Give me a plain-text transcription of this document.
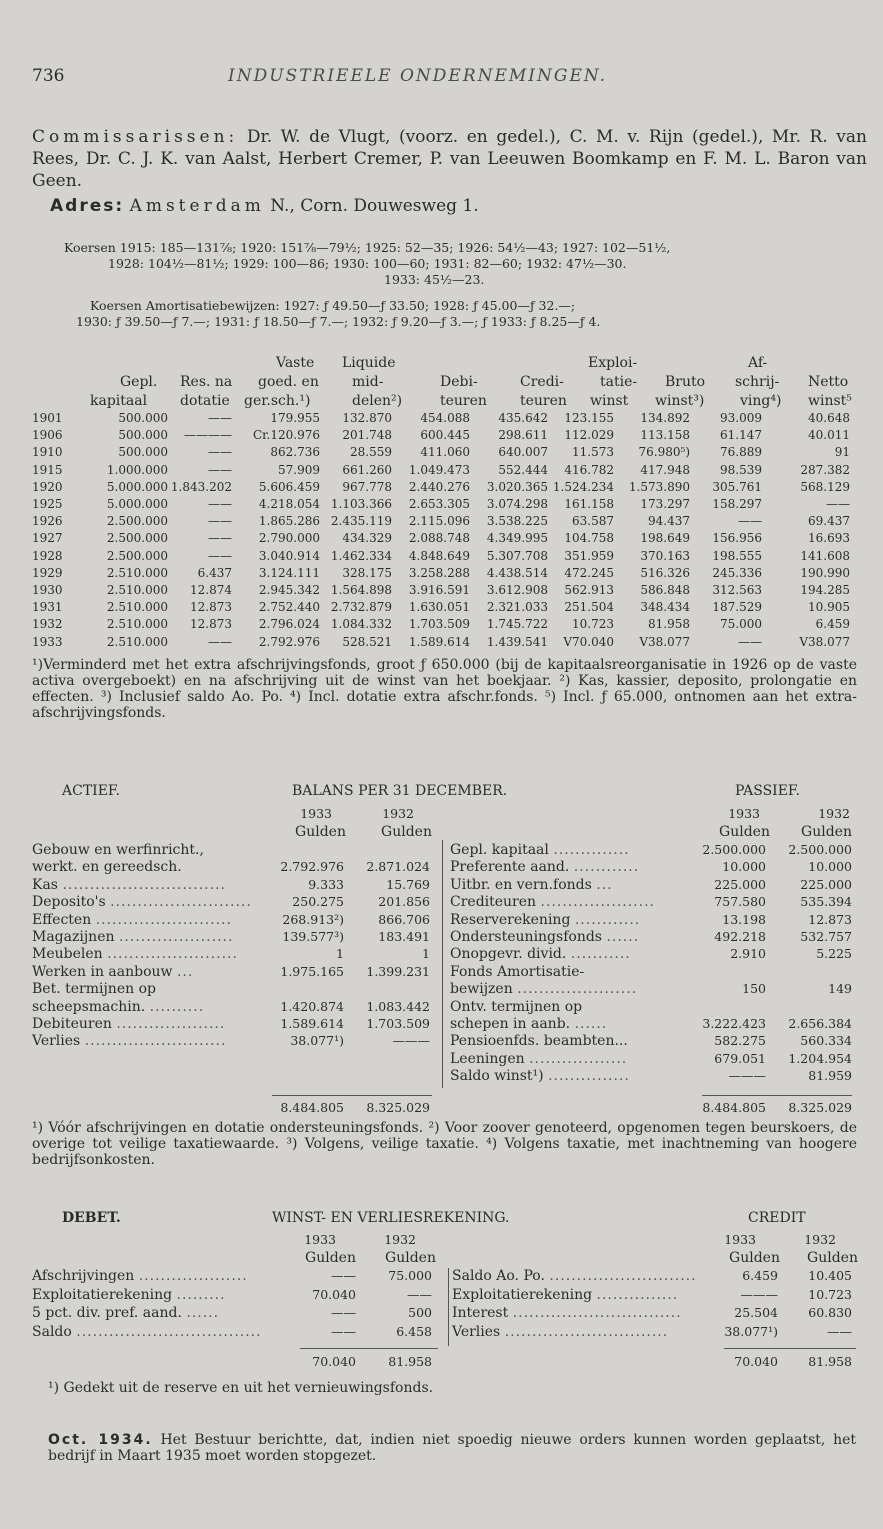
736	INDUSTRIEELE ONDERNEMINGEN.
Commissarissen: Dr. W. de Vlugt, (voorz. en gedel.), C. M. v. Rijn (gedel.), Mr. R. van Rees, Dr. C. J. K. van Aalst, Herbert Cremer, P. van Leeuwen Boomkamp en F. M. L. Baron van Geen.
Adres: Amsterdam N., Corn. Douwesweg 1.
Koersen 1915: 185—131⅞; 1920: 151⅞—79½; 1925: 52—35; 1926: 54½—43; 1927: 102—51½,
1928: 104½—81½; 1929: 100—86; 1930: 100—60; 1931: 82—60; 1932: 47½—30.
1933: 45½—23.
Koersen Amortisatiebewijzen: 1927: ƒ 49.50—ƒ 33.50; 1928: ƒ 45.00—ƒ 32.—;
1930: ƒ 39.50—ƒ 7.—; 1931: ƒ 18.50—ƒ 7.—; 1932: ƒ 9.20—ƒ 3.—; ƒ 1933: ƒ 8.25—ƒ 4.
Vaste Liquide	Exploi-	Af-
Gepl. Res. na goed. en mid-	Debi-	Credi-	tatie- Bruto schrij- Netto
kapitaal dotatie ger.sch.¹)	delen²)	teuren teuren winst winst³)	ving⁴) winst⁵
1901	500.000	——	179.955 132.870 454.088 435.642 123.155 134.892	93.009	40.648
1906	500.000 ———— Cr.120.976 201.748 600.445 298.611 112.029 113.158	61.147	40.011
1910	500.000	——	862.736	28.559 411.060 640.007 11.573 76.980⁵)	76.889	91
1915	1.000.000	——	57.909 661.260 1.049.473 552.444 416.782 417.948	98.539	287.382
1920	5.000.000 1.843.202 5.606.459 967.778 2.440.276 3.020.365 1.524.234 1.573.890 305.761	568.129
1925	5.000.000	—— 4.218.054 1.103.366 2.653.305 3.074.298 161.158 173.297 158.297	——
1926	2.500.000	—— 1.865.286 2.435.119 2.115.096 3.538.225 63.587	94.437	——	69.437
1927	2.500.000	—— 2.790.000 434.329 2.088.748 4.349.995 104.758 198.649 156.956	16.693
1928	2.500.000	—— 3.040.914 1.462.334 4.848.649 5.307.708 351.959 370.163 198.555	141.608
1929	2.510.000 6.437 3.124.111 328.175 3.258.288 4.438.514 472.245 516.326 245.336	190.990
1930	2.510.000 12.874 2.945.342 1.564.898 3.916.591 3.612.908 562.913 586.848 312.563	194.285
1931	2.510.000 12.873 2.752.440 2.732.879 1.630.051 2.321.033 251.504 348.434 187.529	10.905
1932	2.510.000 12.873 2.796.024 1.084.332 1.703.509 1.745.722 10.723	81.958	75.000	6.459
1933	2.510.000	—— 2.792.976 528.521 1.589.614 1.439.541 V70.040 V38.077	——	V38.077
¹)Verminderd met het extra afschrijvingsfonds, groot ƒ 650.000 (bij de kapitaalsreorganisatie in 1926 op de vaste activa overgeboekt) en na afschrijving uit de winst van het boekjaar. ²) Kas, kassier, deposito, prolongatie en effecten. ³) Inclusief saldo Ao. Po. ⁴) Incl. dotatie extra afschr.fonds. ⁵) Incl. ƒ 65.000, ontnomen aan het extra-afschrijvingsfonds.
ACTIEF.	BALANS PER 31 DECEMBER.	PASSIEF.
1933	1932	1933	1932
Gulden	Gulden	Gulden	Gulden
Gebouw en werfinricht.,
werkt. en gereedsch.	2.792.976	2.871.024
Kas ..............................	9.333	15.769
Deposito's ..........................	250.275	201.856
Effecten .........................	268.913²)	866.706
Magazijnen .....................	139.577³)	183.491
Meubelen ........................	1	1
Werken in aanbouw ...	1.975.165	1.399.231
Bet. termijnen op
scheepsmachin. ..........	1.420.874	1.083.442
Debiteuren ....................	1.589.614	1.703.509
Verlies ..........................	38.077¹)	———
Gepl. kapitaal ..............	2.500.000	2.500.000
Preferente aand. ............	10.000	10.000
Uitbr. en vern.fonds ...	225.000	225.000
Crediteuren .....................	757.580	535.394
Reserverekening ............	13.198	12.873
Ondersteuningsfonds ......	492.218	532.757
Onopgevr. divid. ...........	2.910	5.225
Fonds Amortisatie-
bewijzen ......................	150	149
Ontv. termijnen op
schepen in aanb. ......	3.222.423	2.656.384
Pensioenfds. beambten...	582.275	560.334
Leeningen ..................	679.051	1.204.954
Saldo winst¹) ...............	———	81.959
8.484.805	8.325.029	8.484.805	8.325.029
¹) Vóór afschrijvingen en dotatie ondersteuningsfonds. ²) Voor zoover genoteerd, opgenomen tegen beurskoers, de overige tot veilige taxatiewaarde. ³) Volgens, veilige taxatie. ⁴) Volgens taxatie, met inachtneming van hoogere bedrijfsonkosten.
DEBET.	WINST- EN VERLIESREKENING.	CREDIT
1933	1932	1933	1932
Gulden	Gulden	Gulden	Gulden
Afschrijvingen ....................	——	75.000
Exploitatierekening .........	70.040	——
5 pct. div. pref. aand. ......	——	500
Saldo ..................................	——	6.458
Saldo Ao. Po. ...........................	6.459	10.405
Exploitatierekening ...............	———	10.723
Interest ...............................	25.504	60.830
Verlies ..............................	38.077¹)	——
70.040	81.958	70.040	81.958
¹) Gedekt uit de reserve en uit het vernieuwingsfonds.
Oct. 1934. Het Bestuur berichtte, dat, indien niet spoedig nieuwe orders kunnen worden geplaatst, het bedrijf in Maart 1935 moet worden stopgezet.
